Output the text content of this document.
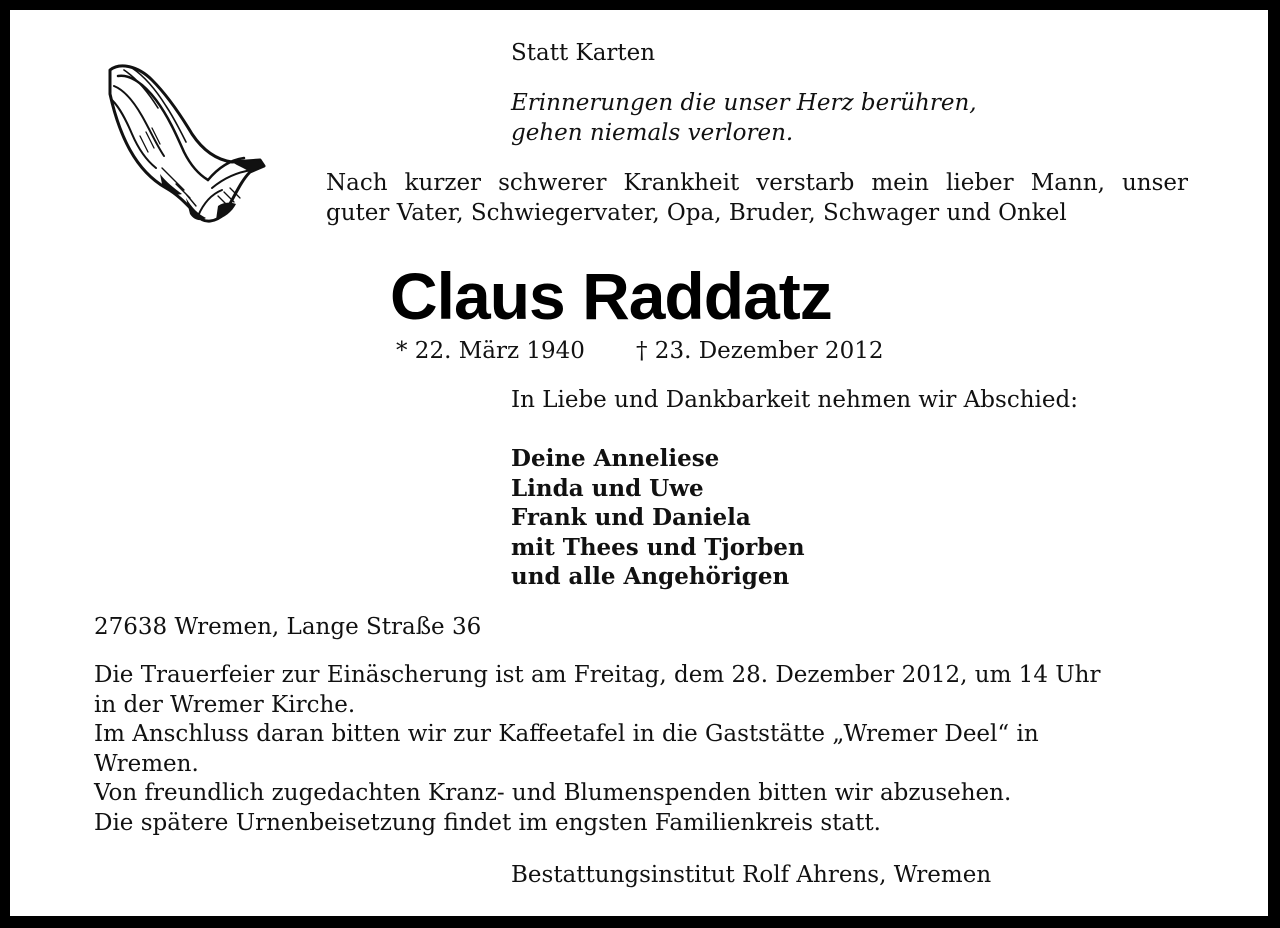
Statt Karten

Erinnerungen die unser Herz berühren,

gehen niemals verloren.

Nach kurzer schwerer Krankheit verstarb mein lieber Mann, unser

guter Vater, Schwiegervater, Opa, Bruder, Schwager und Onkel

Claus Raddatz

* 22. März 1940 † 23. Dezember 2012

In Liebe und Dankbarkeit nehmen wir Abschied:

Deine Anneliese
Linda und Uwe
Frank und Daniela
mit Thees und Tjorben
und alle Angehörigen

27638 Wremen, Lange Straße 36

Die Trauerfeier zur Einäscherung ist am Freitag, dem 28. Dezember 2012, um 14 Uhr
in der Wremer Kirche.
Im Anschluss daran bitten wir zur Kaffeetafel in die Gaststätte „Wremer Deel“ in
Wremen.
Von freundlich zugedachten Kranz- und Blumenspenden bitten wir abzusehen.
Die spätere Urnenbeisetzung findet im engsten Familienkreis statt.

Bestattungsinstitut Rolf Ahrens, Wremen
